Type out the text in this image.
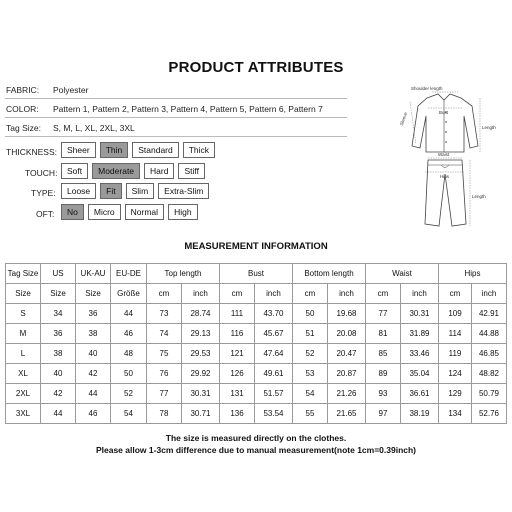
PRODUCT ATTRIBUTES
FABRIC: Polyester
COLOR: Pattern 1, Pattern 2, Pattern 3, Pattern 4, Pattern 5, Pattern 6, Pattern 7
Tag Size: S, M, L, XL, 2XL, 3XL
THICKNESS:	Sheer	Thin	Standard	Thick
TOUCH:	Soft	Moderate	Hard	Stiff
TYPE:	Loose	Fit	Slim	Extra-Slim
OFT:	No	Micro	Normal	High
Shoulder length
Bust
Length
Sleeve
Waist
Hips
Length
MEASUREMENT INFORMATION
Tag Size	US	UK-AU	EU-DE	Top length		Bust		Bottom length		Waist		Hips	
Size	Size	Size	Größe	cm	inch	cm	inch	cm	inch	cm	inch	cm	inch
S	34	36	44	73	28.74	111	43.70	50	19.68	77	30.31	109	42.91
M	36	38	46	74	29.13	116	45.67	51	20.08	81	31.89	114	44.88
L	38	40	48	75	29.53	121	47.64	52	20.47	85	33.46	119	46.85
XL	40	42	50	76	29.92	126	49.61	53	20.87	89	35.04	124	48.82
2XL	42	44	52	77	30.31	131	51.57	54	21.26	93	36.61	129	50.79
3XL	44	46	54	78	30.71	136	53.54	55	21.65	97	38.19	134	52.76
The size is measured directly on the clothes.
Please allow 1-3cm difference due to manual measurement(note 1cm=0.39inch)
